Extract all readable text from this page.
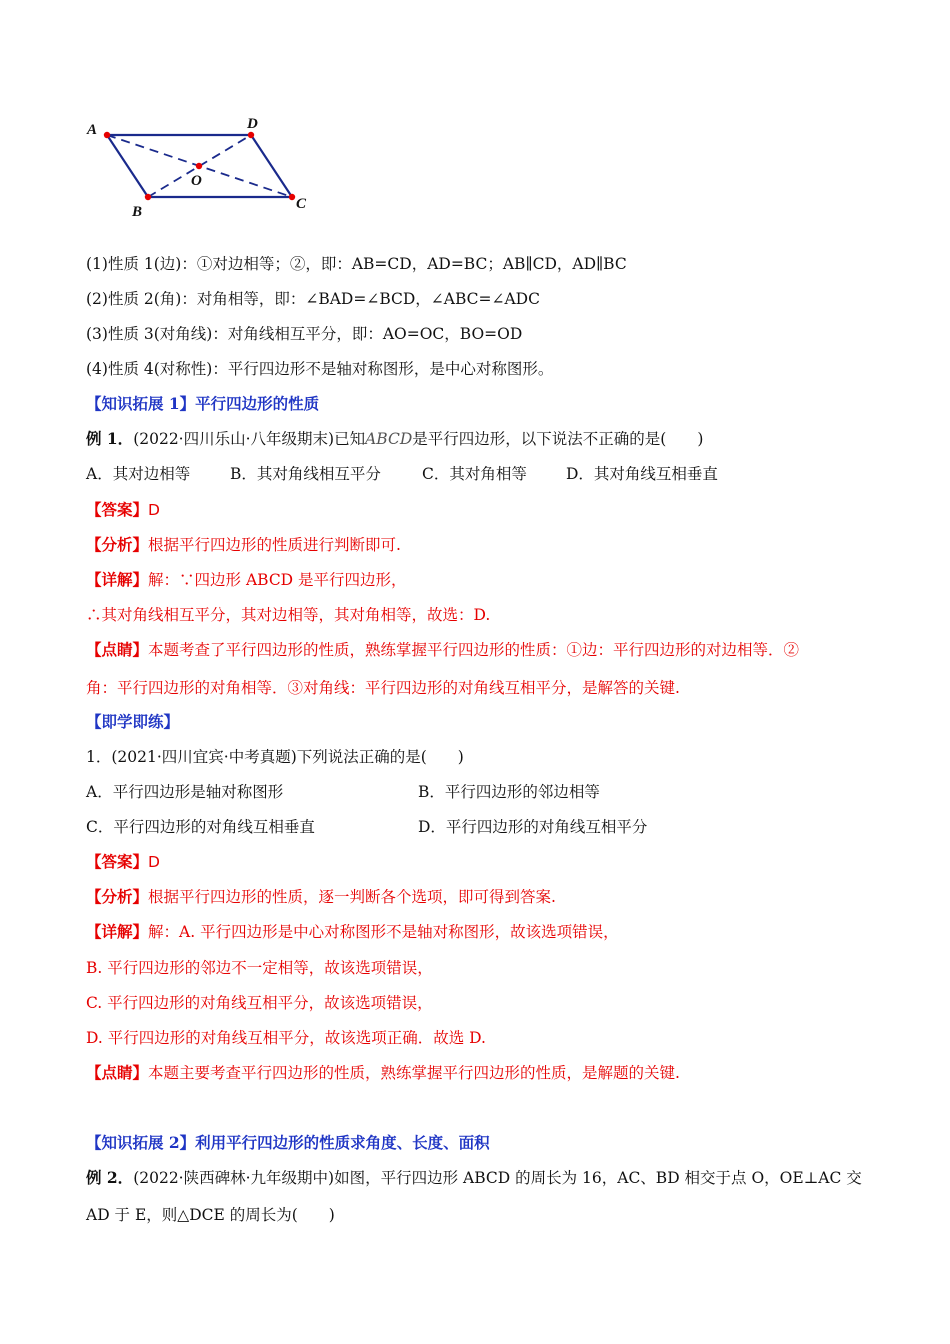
A	D
O
B	C
(1)性质 1(边)：①对边相等；②，即：AB=CD，AD=BC；AB∥CD，AD∥BC
(2)性质 2(角)：对角相等，即：∠BAD=∠BCD，∠ABC=∠ADC
(3)性质 3(对角线)：对角线相互平分，即：AO=OC，BO=OD
(4)性质 4(对称性)：平行四边形不是轴对称图形，是中心对称图形。
【知识拓展 1】平行四边形的性质
例 1．(2022·四川乐山·八年级期末)已知ABCD是平行四边形，以下说法不正确的是(　　)
A．其对边相等	B．其对角线相互平分	C．其对角相等	D．其对角线互相垂直
【答案】D
【分析】根据平行四边形的性质进行判断即可.
【详解】解：∵四边形 ABCD 是平行四边形，
∴其对角线相互平分，其对边相等，其对角相等，故选：D.
【点睛】本题考查了平行四边形的性质，熟练掌握平行四边形的性质：①边：平行四边形的对边相等．②
角：平行四边形的对角相等．③对角线：平行四边形的对角线互相平分，是解答的关键.
【即学即练】
1．(2021·四川宜宾·中考真题)下列说法正确的是(　　)
A．平行四边形是轴对称图形	B．平行四边形的邻边相等
C．平行四边形的对角线互相垂直	D．平行四边形的对角线互相平分
【答案】D
【分析】根据平行四边形的性质，逐一判断各个选项，即可得到答案.
【详解】解：A. 平行四边形是中心对称图形不是轴对称图形，故该选项错误，
B. 平行四边形的邻边不一定相等，故该选项错误，
C. 平行四边形的对角线互相平分，故该选项错误，
D. 平行四边形的对角线互相平分，故该选项正确．故选 D.
【点睛】本题主要考查平行四边形的性质，熟练掌握平行四边形的性质，是解题的关键.
【知识拓展 2】利用平行四边形的性质求角度、长度、面积
例 2．(2022·陕西碑林·九年级期中)如图，平行四边形 ABCD 的周长为 16，AC、BD 相交于点 O，OE⊥AC 交
AD 于 E，则△DCE 的周长为(　　)
